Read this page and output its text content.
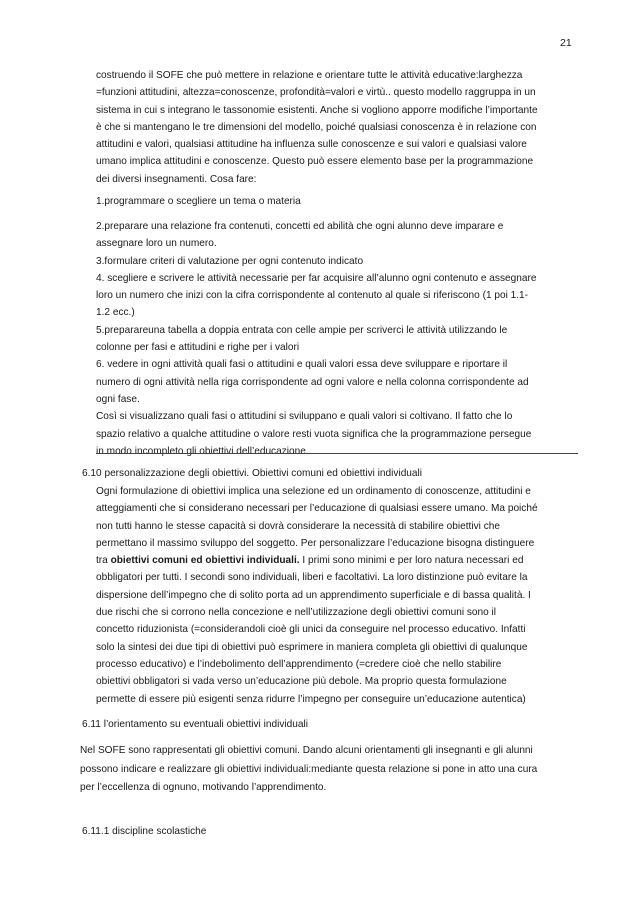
21

costruendo il SOFE che può mettere in relazione e orientare tutte le attività educative:larghezza

=funzioni attitudini, altezza=conoscenze, profondità=valori e virtù.. questo modello raggruppa in un

sistema in cui s integrano le tassonomie esistenti. Anche si vogliono apporre modifiche l’importante

è che si mantengano le tre dimensioni del modello, poiché qualsiasi conoscenza è in relazione con

attitudini e valori, qualsiasi attitudine ha influenza sulle conoscenze e sui valori e qualsiasi valore

umano implica attitudini e conoscenze. Questo può essere elemento base per la programmazione

dei diversi insegnamenti. Cosa fare:

1.programmare o scegliere un tema o materia

2.preparare una relazione fra contenuti, concetti ed abilità che ogni alunno deve imparare e

assegnare loro un numero.

3.formulare criteri di valutazione per ogni contenuto indicato

4. scegliere e scrivere le attività necessarie per far acquisire all’alunno ogni contenuto e assegnare

loro un numero che inizi con la cifra corrispondente al contenuto al quale si riferiscono (1 poi 1.1-

1.2 ecc.)

5.preparareuna tabella a doppia entrata con celle ampie per scriverci le attività utilizzando le

colonne per fasi e attitudini e righe per i valori

6. vedere in ogni attività quali fasi o attitudini e quali valori essa deve sviluppare e riportare il

numero di ogni attività nella riga corrispondente ad ogni valore e nella colonna corrispondente ad

ogni fase.

Così si visualizzano quali fasi o attitudini si sviluppano e quali valori si coltivano. Il fatto che lo

spazio relativo a qualche attitudine o valore resti vuota significa che la programmazione persegue

in modo incompleto gli obiettivi dell’educazione.

6.10 personalizzazione degli obiettivi. Obiettivi comuni ed obiettivi individuali

Ogni formulazione di obiettivi implica una selezione ed un ordinamento di conoscenze, attitudini e

atteggiamenti che si considerano necessari per l’educazione di qualsiasi essere umano. Ma poiché

non tutti hanno le stesse capacità si dovrà considerare la necessità di stabilire obiettivi che

permettano il massimo sviluppo del soggetto. Per personalizzare l’educazione bisogna distinguere

tra obiettivi comuni ed obiettivi individuali. I primi sono minimi e per loro natura necessari ed

obbligatori per tutti. I secondi sono individuali, liberi e facoltativi. La loro distinzione può evitare la

dispersione dell’impegno che di solito porta ad un apprendimento superficiale e di bassa qualità. I

due rischi che si corrono nella concezione e nell’utilizzazione degli obiettivi comuni sono il

concetto riduzionista (=considerandoli cioè gli unici da conseguire nel processo educativo. Infatti

solo la sintesi dei due tipi di obiettivi può esprimere in maniera completa gli obiettivi di qualunque

processo educativo) e l’indebolimento dell’apprendimento (=credere cioè che nello stabilire

obiettivi obbligatori si vada verso un’educazione più debole. Ma proprio questa formulazione

permette di essere più esigenti senza ridurre l’impegno per conseguire un’educazione autentica)

6.11 l’orientamento su eventuali obiettivi individuali

Nel SOFE sono rappresentati gli obiettivi comuni. Dando alcuni orientamenti gli insegnanti e gli alunni

possono indicare e realizzare gli obiettivi individuali:mediante questa relazione si pone in atto una cura

per l’eccellenza di ognuno, motivando l’apprendimento.

6.11.1 discipline scolastiche
